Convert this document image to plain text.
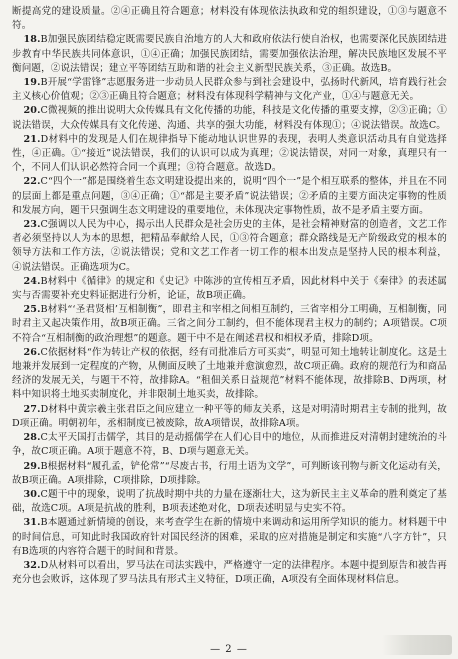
断提高党的建设质量。②④正确且符合题意；材料没有体现依法执政和党的组织建设，①③与题意不符。

18.B加强民族团结稳定既需要民族自治地方的人大和政府依法行使自治权，也需要深化民族团结进步教育中华民族共同体意识，①④正确；加强民族团结，需要加强依法治理，解决民族地区发展不平衡问题，②说法错误；建立平等团结互助和谐的社会主义新型民族关系，③正确。故选B。

19.B开展“学雷锋”志愿服务进一步动员人民群众参与到社会建设中，弘扬时代新风，培育践行社会主义核心价值观；②③正确且符合题意；材料没有体现科学精神与文化产业，①④与题意无关。

20.C微视频的推出说明大众传媒具有文化传播的功能，科技是文化传播的重要支撑，②③正确；①说法错误，大众传媒具有文化传递、沟通、共享的强大功能，材料没有体现①；④说法错误。故选C。

21.D材料中的发现是人们在规律指导下能动地认识世界的表现，表明人类意识活动具有自觉选择性，④正确。①“接近”说法错误，我们的认识可以成为真理；②说法错误，对同一对象，真理只有一个，不同人们认识必然符合同一个真理；③符合题意。故选D。

22.C“四个一”都是围绕着生态文明建设提出来的，说明“四个一”是个相互联系的整体，并且在不同的层面上都是重点问题，③④正确；①“都是主要矛盾”说法错误；②矛盾的主要方面决定事物的性质和发展方向，题干只强调生态文明建设的重要地位，未体现决定事物性质，故不是矛盾主要方面。

23.C强调以人民为中心，揭示出人民群众是社会历史的主体，是社会精神财富的创造者，文艺工作者必须坚持以人为本的思想，把精品奉献给人民，①③符合题意；群众路线是无产阶级政党的根本的领导方法和工作方法，②说法错误；党和文艺工作者一切工作的根本出发点是坚持人民的根本利益，④说法错误。正确选项为C。

24.B材料中《循律》的规定和《史记》中陈涉的宣传相互矛盾，因此材料中关于《秦律》的表述属实与否需要补充史料证据进行分析，论证，故B项正确。

25.B材料“‘圣君贤相’互相制衡”，即君主和宰相之间相互制约，三省宰相分工明确，互相制衡，同时君主又起决策作用，故B项正确。三省之间分工制约，但不能体现君主权力的制约；A项错误。C项不符合“互相制衡的政治理想”的题意。题干中不是在阐述君权和相权矛盾，排除D项。

26.C依据材料“作为转让产权的依据，经有司批准后方可买卖”，明显可知土地转让制度化。这是土地兼并发展到一定程度的产物，从侧面反映了土地兼并愈演愈烈，故C项正确。政府的规范行为和商品经济的发展无关，与题干不符，故排除A。“租佃关系日益规范”材料不能体现，故排除B、D两项，材料中知识将土地买卖制度化，并非限制土地买卖，故排除。

27.D材料中黄宗羲主张君臣之间应建立一种平等的师友关系，这是对明清时期君主专制的批判，故D项正确。明朝初年，丞相制度已被废除，故A项错误，故排除A项。

28.C太平天国打击儒学，其目的是动摇儒学在人们心目中的地位，从而推进反对清朝封建统治的斗争，故C项正确。A项于题意不符，B、D项与题意无关。

29.B根据材料“履孔孟，铲伦常”“尽废古书，行用土语为文学”，可判断该刊物与新文化运动有关，故B项正确。A项排除，C项排除，D项排除。

30.C题干中的现象，说明了抗战时期中共的力量在逐渐壮大，这为新民主主义革命的胜利奠定了基础，故选C项。A项是抗战的胜利，B项表述绝对化，D项表述明显与史实不符。

31.B本题通过新情境的创设，来考查学生在新的情境中来调动和运用所学知识的能力。材料题干中的时间信息，可知此时我国政府针对国民经济的困难，采取的应对措施是制定和实施“八字方针”，只有B选项的内容符合题干的时间和背景。

32.D从材料可以看出，罗马法在司法实践中，严格遵守一定的法律程序。本题中提到原告和被告再充分也会败诉，这体现了罗马法具有形式主义特征，D项正确，A项没有全面体现材料信息。

— 2 —
